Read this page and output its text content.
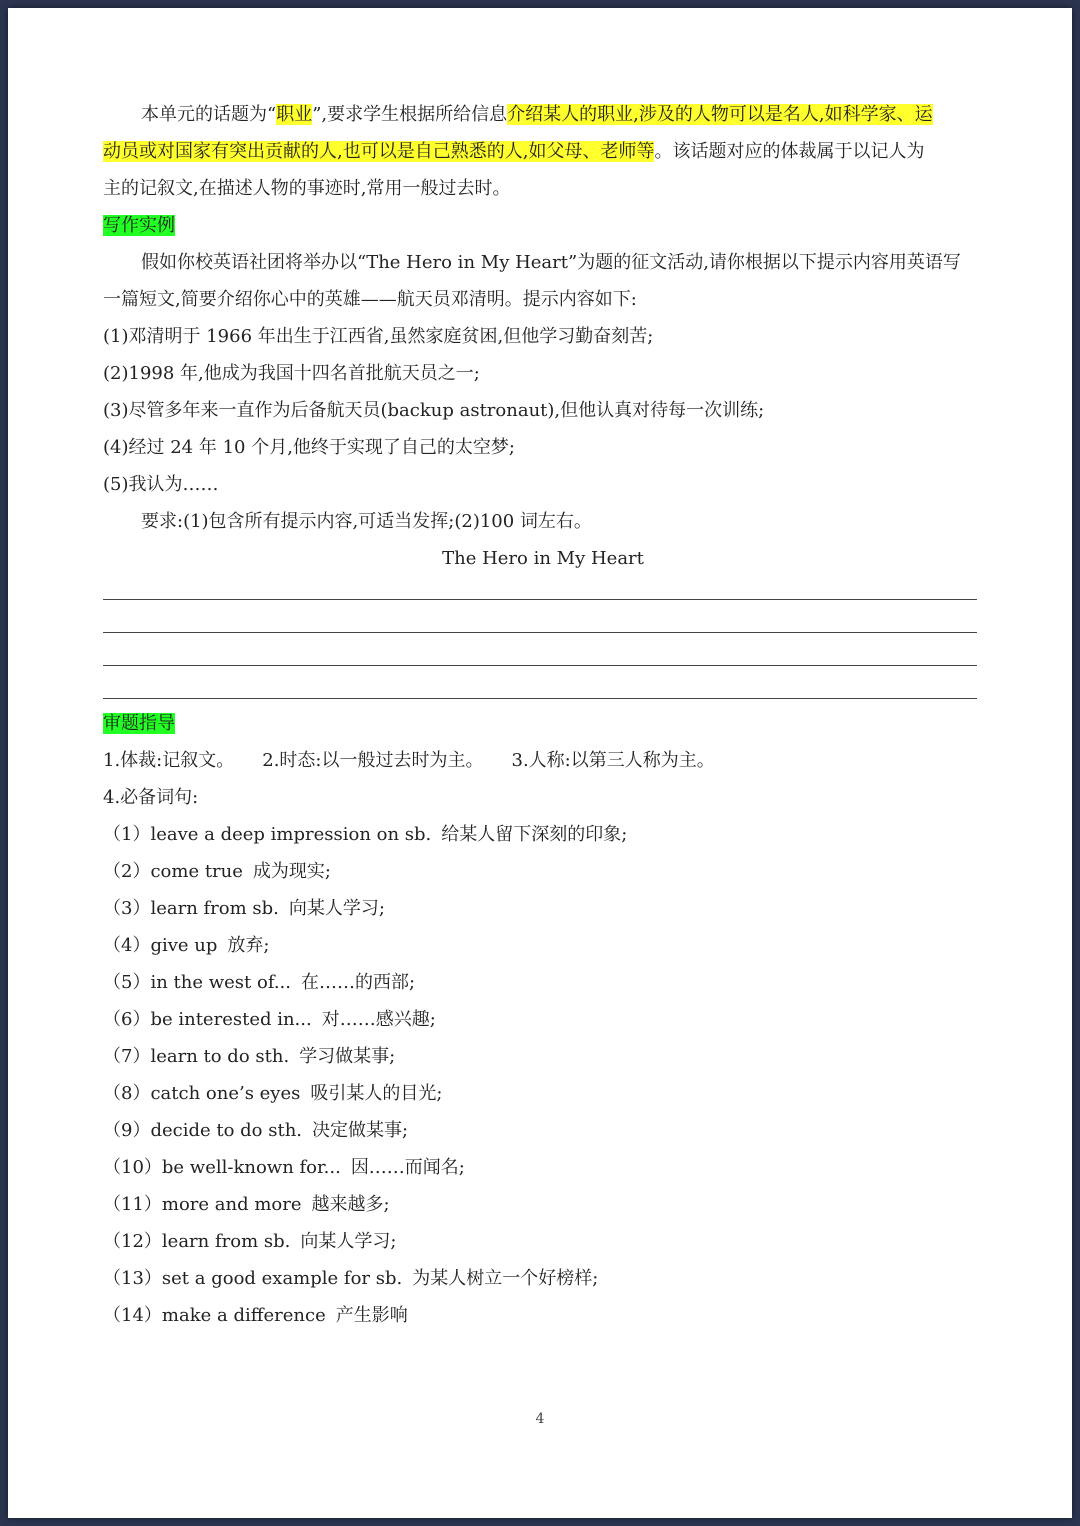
本单元的话题为“职业”,要求学生根据所给信息介绍某人的职业,涉及的人物可以是名人,如科学家、运
动员或对国家有突出贡献的人,也可以是自己熟悉的人,如父母、老师等。该话题对应的体裁属于以记人为
主的记叙文,在描述人物的事迹时,常用一般过去时。
写作实例
假如你校英语社团将举办以“The Hero in My Heart”为题的征文活动,请你根据以下提示内容用英语写
一篇短文,简要介绍你心中的英雄——航天员邓清明。提示内容如下:
(1)邓清明于 1966 年出生于江西省,虽然家庭贫困,但他学习勤奋刻苦;
(2)1998 年,他成为我国十四名首批航天员之一;
(3)尽管多年来一直作为后备航天员(backup astronaut),但他认真对待每一次训练;
(4)经过 24 年 10 个月,他终于实现了自己的太空梦;
(5)我认为……
要求:(1)包含所有提示内容,可适当发挥;(2)100 词左右。
The Hero in My Heart
审题指导
1.体裁:记叙文。 2.时态:以一般过去时为主。 3.人称:以第三人称为主。
4.必备词句:
（1）leave a deep impression on sb. 给某人留下深刻的印象;
（2）come true 成为现实;
（3）learn from sb. 向某人学习;
（4）give up 放弃;
（5）in the west of... 在……的西部;
（6）be interested in... 对……感兴趣;
（7）learn to do sth. 学习做某事;
（8）catch one’s eyes 吸引某人的目光;
（9）decide to do sth. 决定做某事;
（10）be well-known for... 因……而闻名;
（11）more and more 越来越多;
（12）learn from sb. 向某人学习;
（13）set a good example for sb. 为某人树立一个好榜样;
（14）make a difference 产生影响
4
